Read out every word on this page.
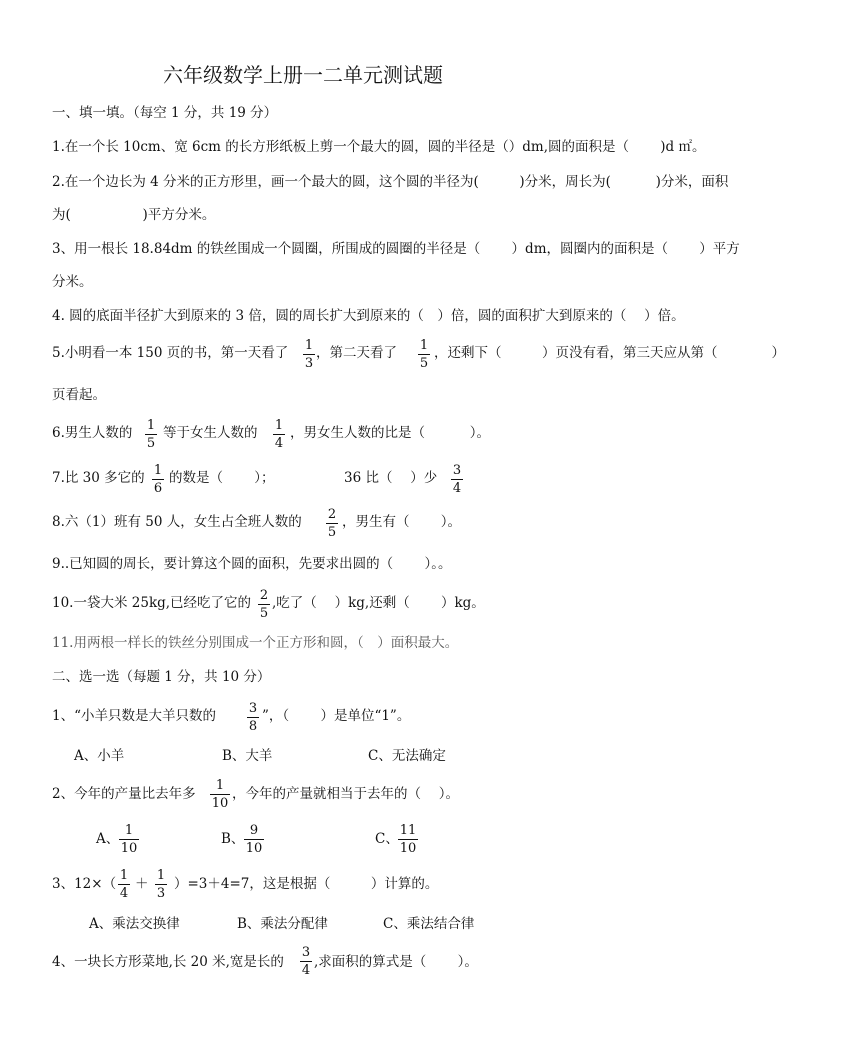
六年级数学上册一二单元测试题
一、填一填。（每空 1 分，共 19 分）
1.在一个长 10cm、宽 6cm 的长方形纸板上剪一个最大的圆，圆的半径是（）dm,圆的面积是（　　 )d ㎡。
2.在一个边长为 4 分米的正方形里，画一个最大的圆，这个圆的半径为(　　　)分米，周长为(　　　 )分米，面积
为(　　　　　 )平方分米。
3、用一根长 18.84dm 的铁丝围成一个圆圈，所围成的圆圈的半径是（　　 ）dm，圆圈内的面积是（　　 ）平方
分米。
4. 圆的底面半径扩大到原来的 3 倍，圆的周长扩大到原来的（　）倍，圆的面积扩大到原来的（　 ）倍。
5.小明看一本 150 页的书，第一天看了 1
3
，第二天看了 1
5
，还剩下（　　　）页没有看，第三天应从第（　　　　）
页看起。
6.男生人数的 1
5
等于女生人数的 1
4
，男女生人数的比是（　　　 ）。
7.比 30 多它的 1
6
的数是（　　 ）；	36 比（　 ）少 3
4
8.六（1）班有 50 人，女生占全班人数的 2
5
，男生有（　　 ）。
9..已知圆的周长，要计算这个圆的面积，先要求出圆的（　　 ）。。
10.一袋大米 25kg,已经吃了它的 2
5
,吃了（　 ）kg,还剩（　　 ）kg。
11.用两根一样长的铁丝分别围成一个正方形和圆，（　）面积最大。
二、选一选（每题 1 分，共 10 分）
1、“小羊只数是大羊只数的	3
8
”，（　　 ）是单位“1”。
A、小羊	B、大羊	C、无法确定
2、今年的产量比去年多
1
10
，今年的产量就相当于去年的（　 ）。
A、
1
10
B、
9
10
C、
11
10
3、12×（
1
4
＋
1
3
）=3＋4=7，这是根据（　　　）计算的。
A、乘法交换律	B、乘法分配律	C、乘法结合律
4、一块长方形菜地,长 20 米,宽是长的
3
4
,求面积的算式是（　　 ）。
